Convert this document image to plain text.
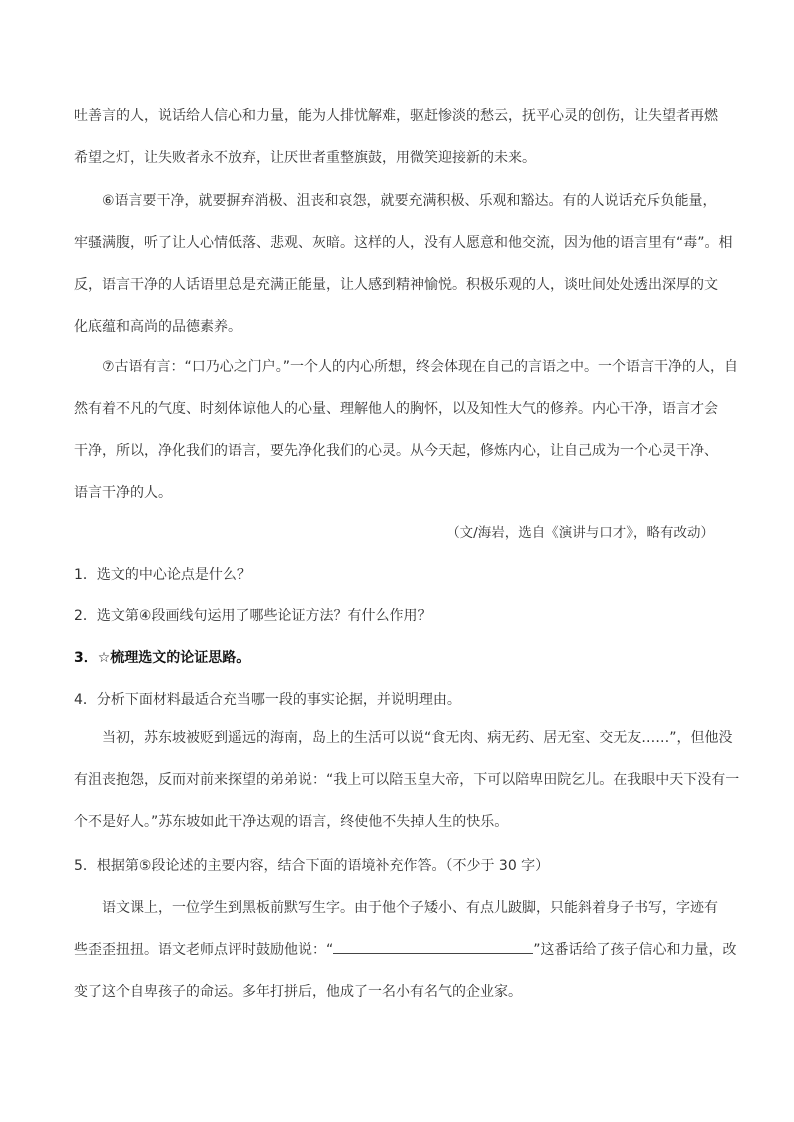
吐善言的人，说话给人信心和力量，能为人排忧解难，驱赶惨淡的愁云，抚平心灵的创伤，让失望者再燃
希望之灯，让失败者永不放弃，让厌世者重整旗鼓，用微笑迎接新的未来。

⑥语言要干净，就要摒弃消极、沮丧和哀怨，就要充满积极、乐观和豁达。有的人说话充斥负能量，
牢骚满腹，听了让人心情低落、悲观、灰暗。这样的人，没有人愿意和他交流，因为他的语言里有“毒”。相
反，语言干净的人话语里总是充满正能量，让人感到精神愉悦。积极乐观的人，谈吐间处处透出深厚的文
化底蕴和高尚的品德素养。

⑦古语有言：“口乃心之门户。”一个人的内心所想，终会体现在自己的言语之中。一个语言干净的人，自
然有着不凡的气度、时刻体谅他人的心量、理解他人的胸怀，以及知性大气的修养。内心干净，语言才会
干净，所以，净化我们的语言，要先净化我们的心灵。从今天起，修炼内心，让自己成为一个心灵干净、
语言干净的人。

（文/海岩，选自《演讲与口才》，略有改动）

1．选文的中心论点是什么？

2．选文第④段画线句运用了哪些论证方法？有什么作用？

3．☆梳理选文的论证思路。

4．分析下面材料最适合充当哪一段的事实论据，并说明理由。

当初，苏东坡被贬到遥远的海南，岛上的生活可以说“食无肉、病无药、居无室、交无友……”，但他没
有沮丧抱怨，反而对前来探望的弟弟说：“我上可以陪玉皇大帝，下可以陪卑田院乞儿。在我眼中天下没有一
个不是好人。”苏东坡如此干净达观的语言，终使他不失掉人生的快乐。

5．根据第⑤段论述的主要内容，结合下面的语境补充作答。（不少于 30 字）

语文课上，一位学生到黑板前默写生字。由于他个子矮小、有点儿跛脚，只能斜着身子书写，字迹有
些歪歪扭扭。语文老师点评时鼓励他说：“	”这番话给了孩子信心和力量，改
变了这个自卑孩子的命运。多年打拼后，他成了一名小有名气的企业家。
